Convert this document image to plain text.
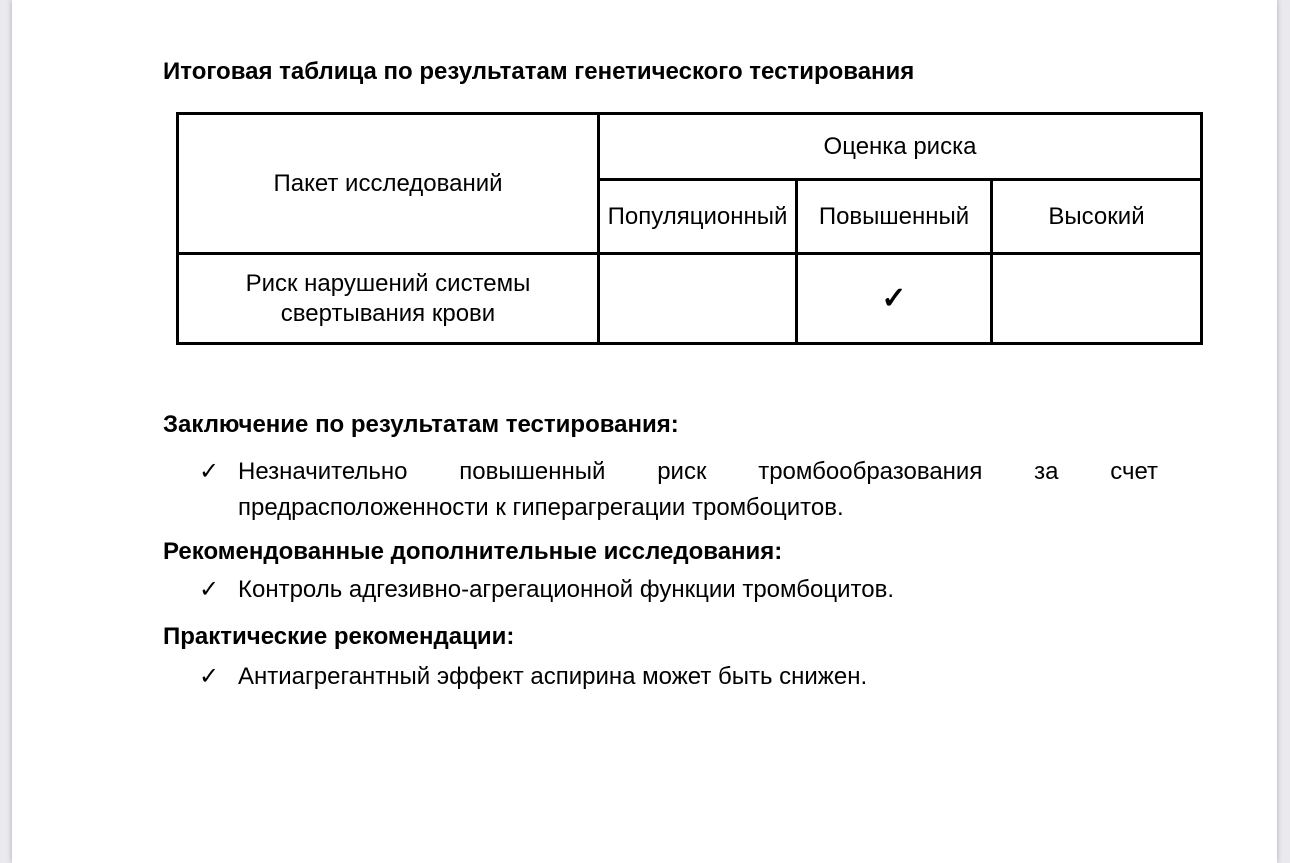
Итоговая таблица по результатам генетического тестирования
Пакет исследований	Оценка риска		
	Популяционный	Повышенный	Высокий

Риск нарушений системы
свертывания крови		✓	
Заключение по результатам тестирования:
✓ Незначительно повышенный риск тромбообразования за счет
предрасположенности к гиперагрегации тромбоцитов.
Рекомендованные дополнительные исследования:
✓ Контроль адгезивно-агрегационной функции тромбоцитов.
Практические рекомендации:
✓ Антиагрегантный эффект аспирина может быть снижен.
